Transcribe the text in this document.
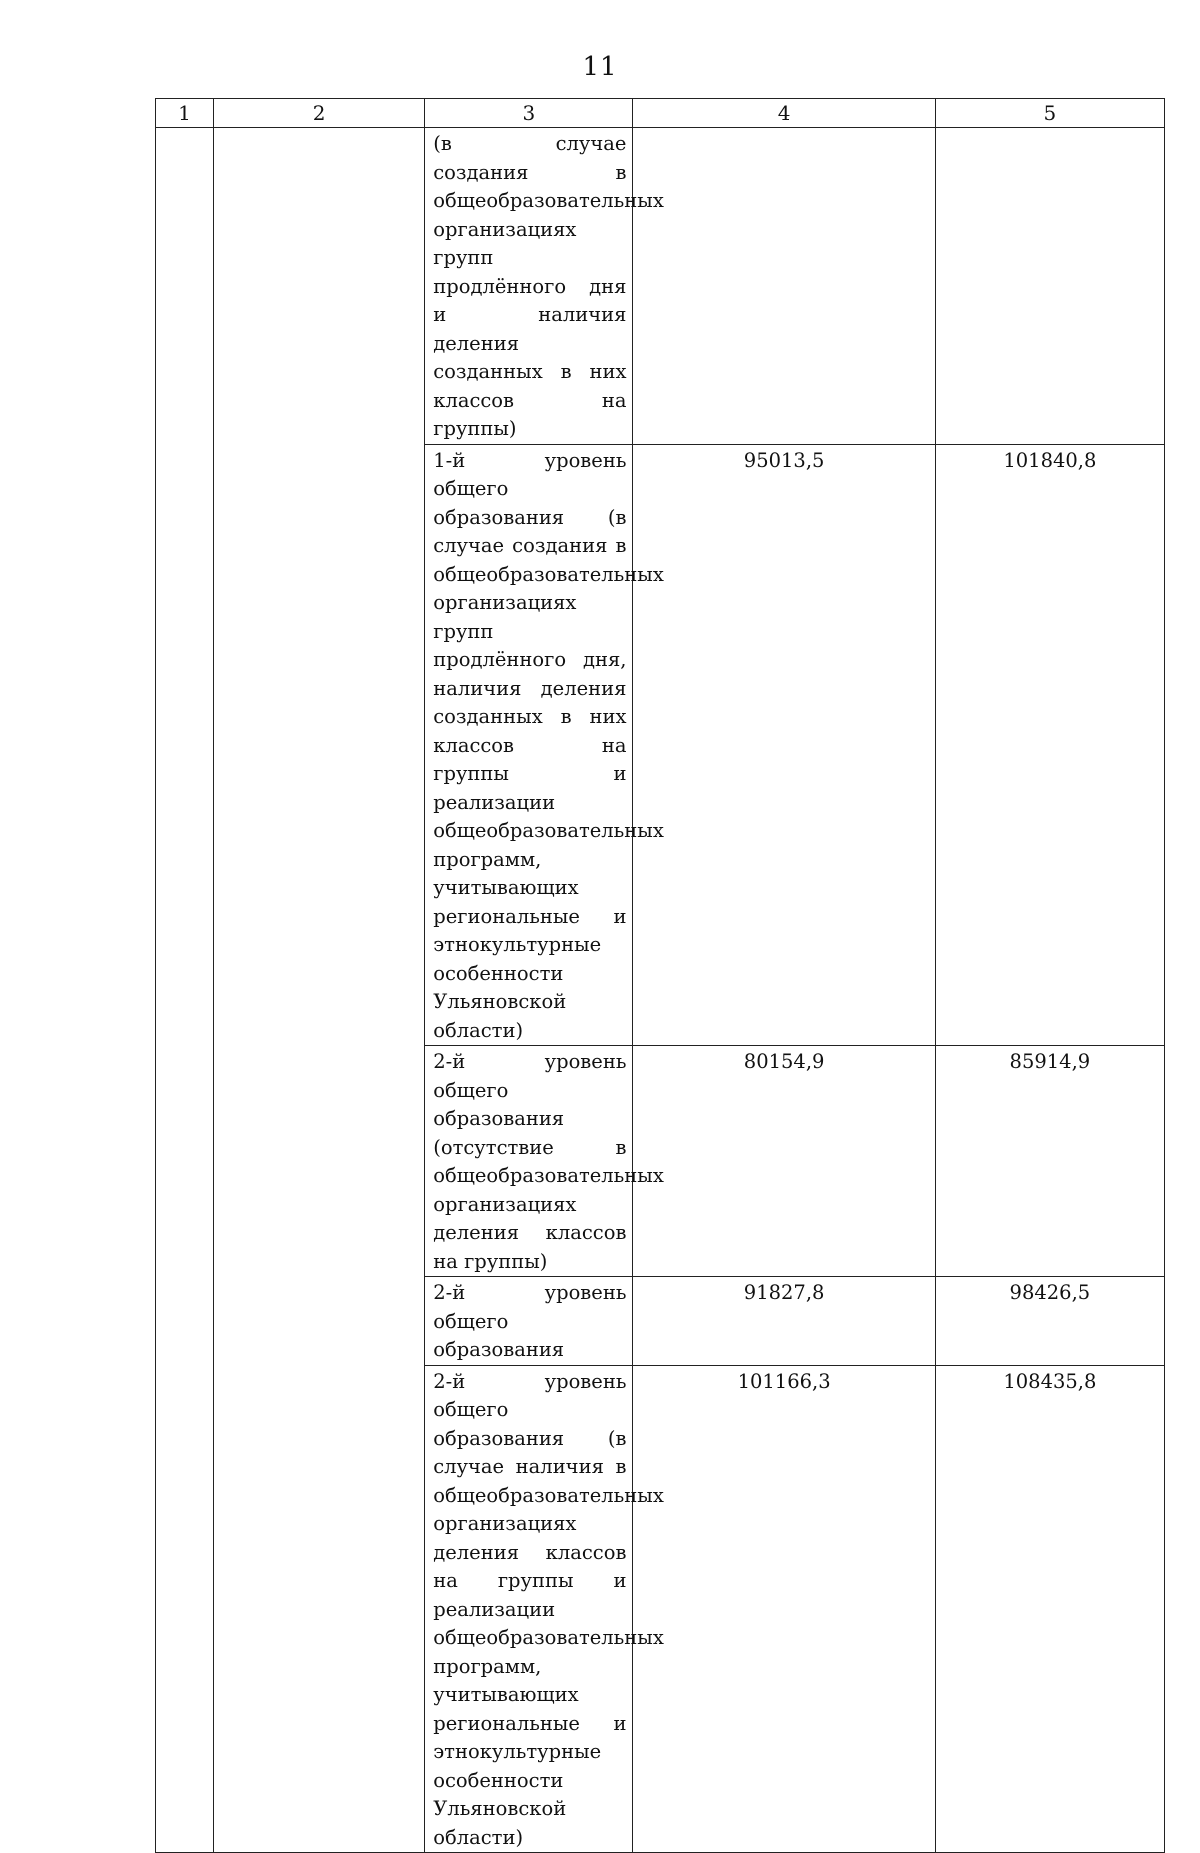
11
1	2	3	4	5
		(в случае создания в общеобразовательных организациях групп продлённого дня и наличия деления созданных в них классов на группы)		
		1-й уровень общего образования (в случае создания в общеобразовательных организациях групп продлённого дня, наличия деления созданных в них классов на группы и реализации общеобразовательных программ, учитывающих региональные и этнокультурные особенности Ульяновской области)	95013,5	101840,8
		2-й уровень общего образования (отсутствие в общеобразовательных организациях деления классов на группы)	80154,9	85914,9
		2-й уровень общего образования	91827,8	98426,5
		2-й уровень общего образования (в случае наличия в общеобразовательных организациях деления классов на группы и реализации общеобразовательных программ, учитывающих региональные и этнокультурные особенности Ульяновской области)	101166,3	108435,8
